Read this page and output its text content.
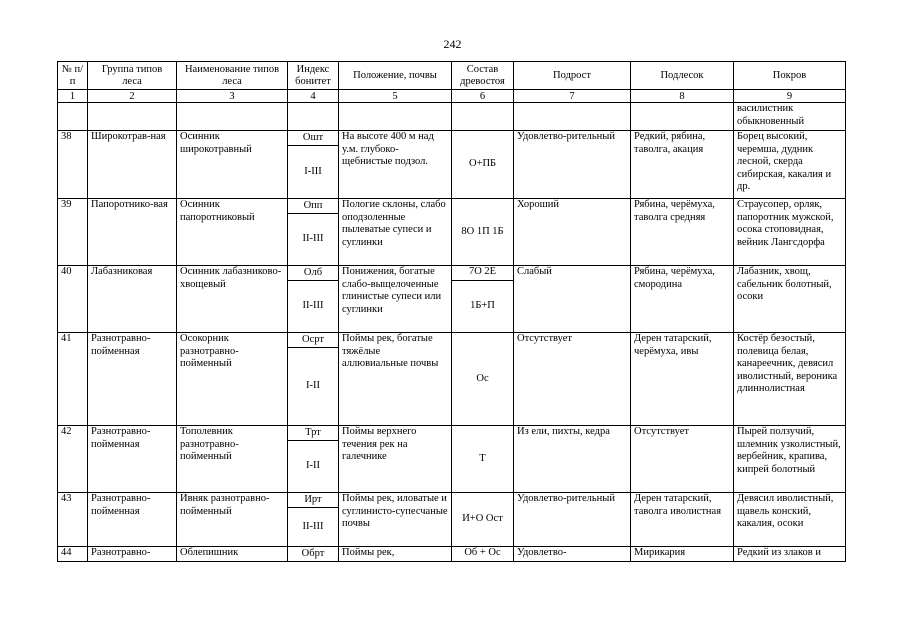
242
№ п/п	Группа типов леса	Наименование типов леса	Индекс бонитет	Положение, почвы	Состав древостоя	Подрост	Подлесок	Покров
1	2	3	4	5	6	7	8	9
								василистник обыкновенный
38	Широкотрав-ная	Осинник широкотравный	Ошт	На высоте 400 м над у.м. глубоко-щебнистые подзол.	О+ПБ	Удовлетво-рительный	Редкий, рябина, таволга, акация	Борец высокий, черемша, дудник лесной, скерда сибирская, какалия и др.
			I-III					
39	Папоротнико-вая	Осинник папоротниковый	Опп	Пологие склоны, слабо оподзоленные пылеватые супеси и суглинки	8О 1П 1Б	Хороший	Рябина, черёмуха, таволга средняя	Страусопер, орляк, папоротник мужской, осока стоповидная, вейник Лангсдорфа
			II-III					
40	Лабазниковая	Осинник лабазниково-хвощевый	Олб	Понижения, богатые слабо-выщелоченные глинистые супеси или суглинки	7О 2Е	Слабый	Рябина, черёмуха, смородина	Лабазник, хвощ, сабельник болотный, осоки
			II-III		1Б+П			
41	Разнотравно-пойменная	Осокорник разнотравно-пойменный	Осрт	Поймы рек, богатые тяжёлые аллювиальные почвы	Ос	Отсутствует	Дерен татарский, черёмуха, ивы	Костёр безостый, полевица белая, канареечник, девясил иволистный, вероника длиннолистная
			I-II					
42	Разнотравно-пойменная	Тополевник разнотравно-пойменный	Трт	Поймы верхнего течения рек на галечнике	Т	Из ели, пихты, кедра	Отсутствует	Пырей ползучий, шлемник узколистный, вербейник, крапива, кипрей болотный
			I-II					
43	Разнотравно-пойменная	Ивняк разнотравно-пойменный	Ирт	Поймы рек, иловатые и суглинисто-супесчаные почвы	И+О Ост	Удовлетво-рительный	Дерен татарский, таволга иволистная	Девясил иволистный, щавель конский, какалия, осоки
			II-III					
44	Разнотравно-	Облепишник	Обрт	Поймы рек,	Об + Ос	Удовлетво-	Мирикария	Редкий из злаков и
